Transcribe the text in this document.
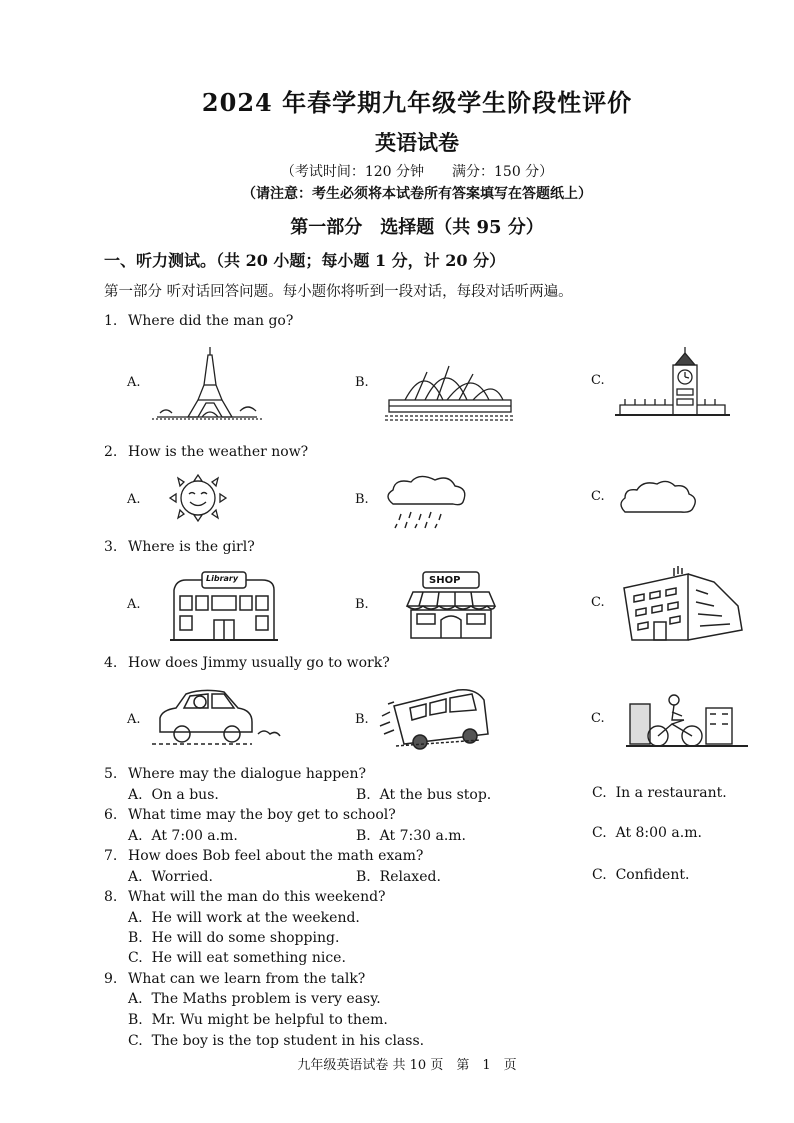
2024 年春学期九年级学生阶段性评价
英语试卷
（考试时间：120 分钟　　满分：150 分）
（请注意：考生必须将本试卷所有答案填写在答题纸上）
第一部分　选择题（共 95 分）
一、听力测试。（共 20 小题；每小题 1 分，计 20 分）
第一部分 听对话回答问题。每小题你将听到一段对话，每段对话听两遍。
1. Where did the man go?
A.	B.	C.
2. How is the weather now?
A.	B.	C.
3. Where is the girl?
A.	B.	C.
Library	SHOP
4. How does Jimmy usually go to work?
A.	B.	C.
5. Where may the dialogue happen?
A. On a bus.	B. At the bus stop.	C. In a restaurant.
6. What time may the boy get to school?
A. At 7:00 a.m.	B. At 7:30 a.m.	C. At 8:00 a.m.
7. How does Bob feel about the math exam?
A. Worried.	B. Relaxed.	C. Confident.
8. What will the man do this weekend?
A. He will work at the weekend.
B. He will do some shopping.
C. He will eat something nice.
9. What can we learn from the talk?
A. The Maths problem is very easy.
B. Mr. Wu might be helpful to them.
C. The boy is the top student in his class.
九年级英语试卷 共 10 页　第　1　页
